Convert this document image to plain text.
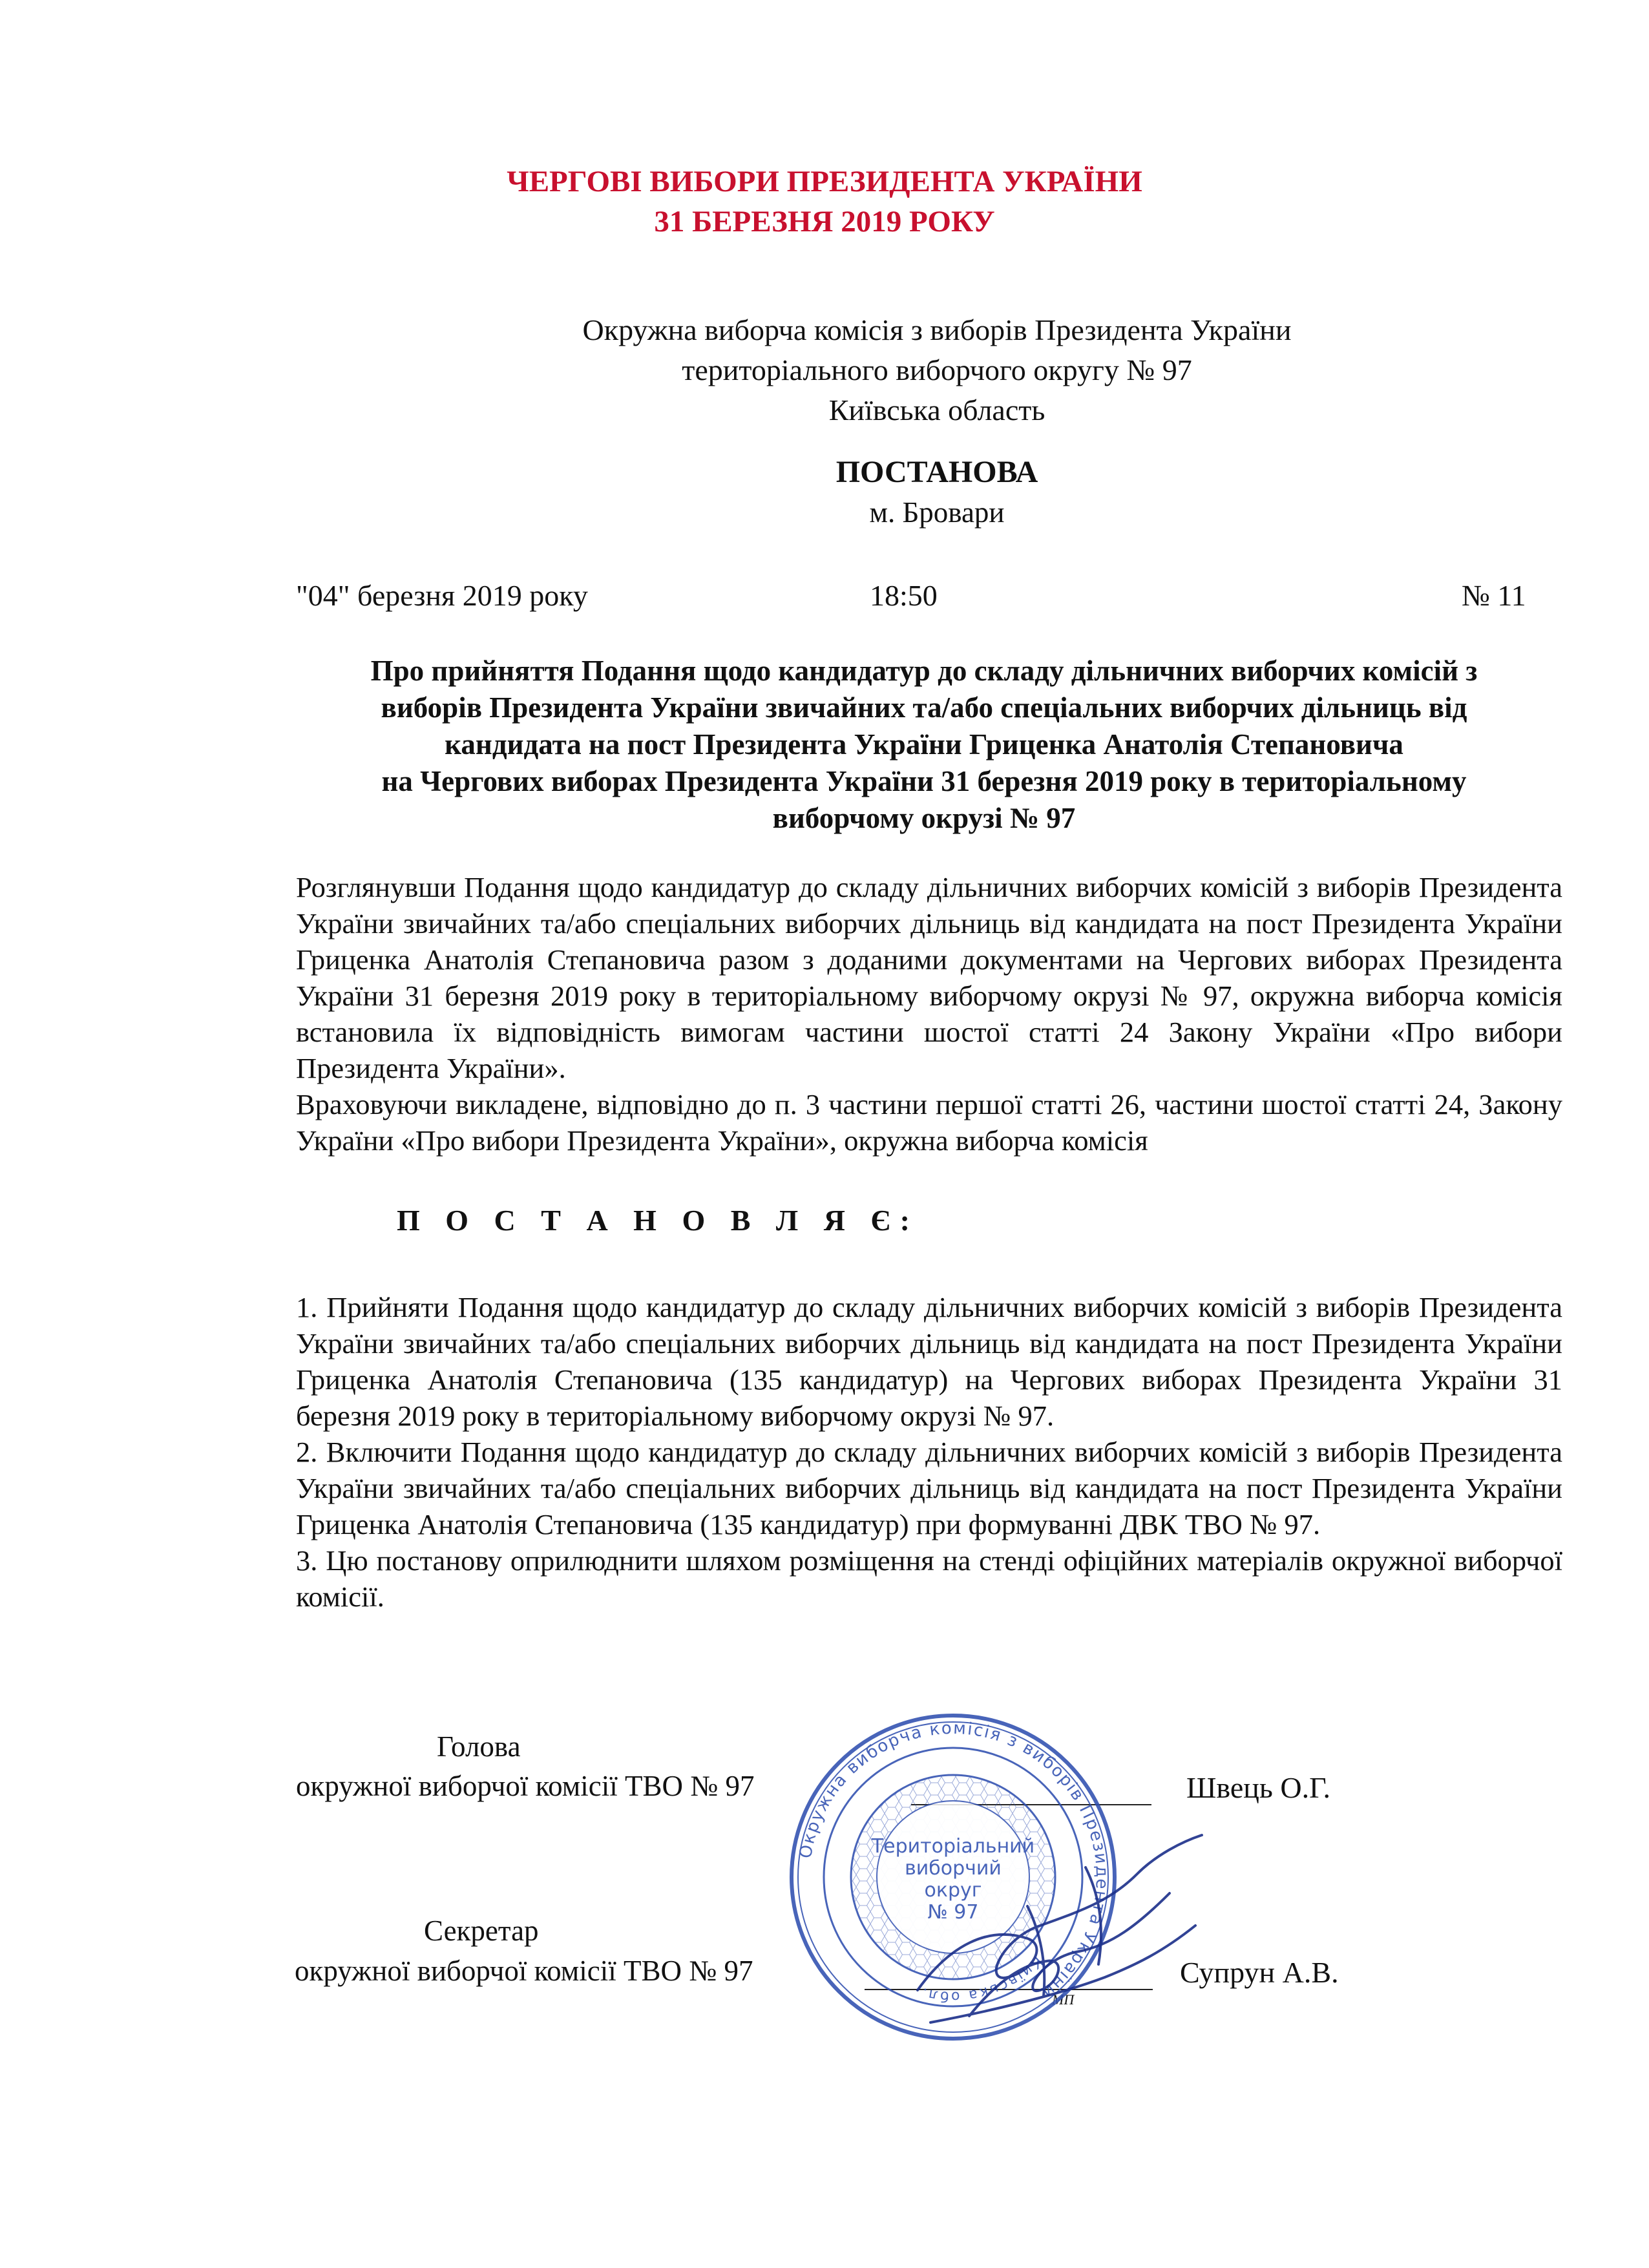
ЧЕРГОВІ ВИБОРИ ПРЕЗИДЕНТА УКРАЇНИ
31 БЕРЕЗНЯ 2019 РОКУ
Окружна виборча комісія з виборів Президента України
територіального виборчого округу № 97
Київська область
ПОСТАНОВА
м. Бровари
"04" березня 2019 року	18:50	№ 11
Про прийняття Подання щодо кандидатур до складу дільничних виборчих комісій з
виборів Президента України звичайних та/або спеціальних виборчих дільниць від
кандидата на пост Президента України Гриценка Анатолія Степановича
на Чергових виборах Президента України 31 березня 2019 року в територіальному
виборчому окрузі № 97

Розглянувши Подання щодо кандидатур до складу дільничних виборчих комісій з виборів Президента України звичайних та/або спеціальних виборчих дільниць від кандидата на пост Президента України Гриценка Анатолія Степановича разом з доданими документами на Чергових виборах Президента України 31 березня 2019 року в територіальному виборчому окрузі № 97, окружна виборча комісія встановила їх відповідність вимогам частини шостої статті 24 Закону України «Про вибори Президента України».

Враховуючи викладене, відповідно до п. 3 частини першої статті 26, частини шостої статті 24, Закону України «Про вибори Президента України», окружна виборча комісія

П О С Т А Н О В Л Я Є:

1. Прийняти Подання щодо кандидатур до складу дільничних виборчих комісій з виборів Президента України звичайних та/або спеціальних виборчих дільниць від кандидата на пост Президента України Гриценка Анатолія Степановича (135 кандидатур) на Чергових виборах Президента України 31 березня 2019 року в територіальному виборчому окрузі № 97.

2. Включити Подання щодо кандидатур до складу дільничних виборчих комісій з виборів Президента України звичайних та/або спеціальних виборчих дільниць від кандидата на пост Президента України Гриценка Анатолія Степановича (135 кандидатур) при формуванні ДВК ТВО № 97.

3. Цю постанову оприлюднити шляхом розміщення на стенді офіційних матеріалів окружної виборчої комісії.

Голова
окружної виборчої комісії ТВО № 97	Швець О.Г.
Секретар
окружної виборчої комісії ТВО № 97	Супрун А.В.
МП
Окружна виборча комісія з виборів Президента України
Київська обл.
Територіальний
виборчий
округ
№ 97
